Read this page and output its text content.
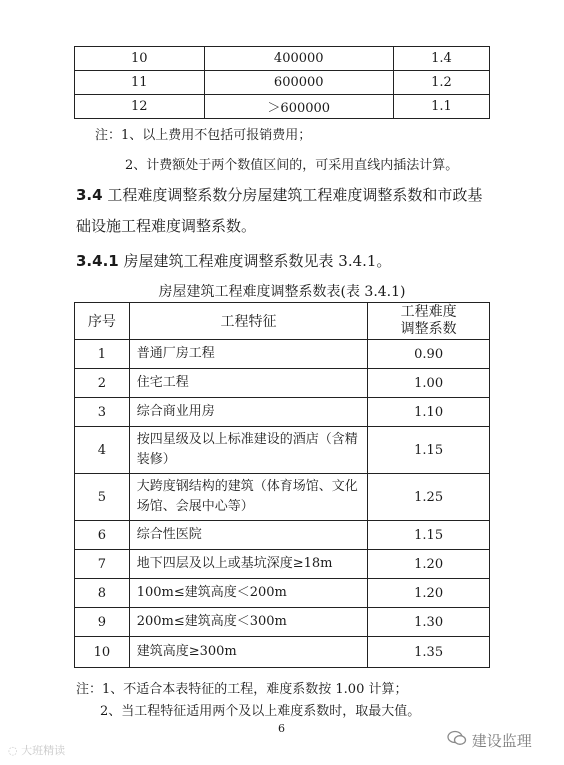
10	400000	1.4
11	600000	1.2
12	＞600000	1.1
注：1、以上费用不包括可报销费用；
2、计费额处于两个数值区间的，可采用直线内插法计算。
3.4 工程难度调整系数分房屋建筑工程难度调整系数和市政基
础设施工程难度调整系数。
3.4.1 房屋建筑工程难度调整系数见表 3.4.1。
房屋建筑工程难度调整系数表(表 3.4.1)
序号	工程特征	工程难度
调整系数

1	普通厂房工程	0.90
2	住宅工程	1.00
3	综合商业用房	1.10
4	按四星级及以上标准建设的酒店（含精装修）	1.15
5	大跨度钢结构的建筑（体育场馆、文化场馆、会展中心等）	1.25
6	综合性医院	1.15
7	地下四层及以上或基坑深度≥18m	1.20
8	100m≤建筑高度＜200m	1.20
9	200m≤建筑高度＜300m	1.30
10	建筑高度≥300m	1.35
注：1、不适合本表特征的工程，难度系数按 1.00 计算；
2、当工程特征适用两个及以上难度系数时，取最大值。
6
◌ 大班精读
建设监理
